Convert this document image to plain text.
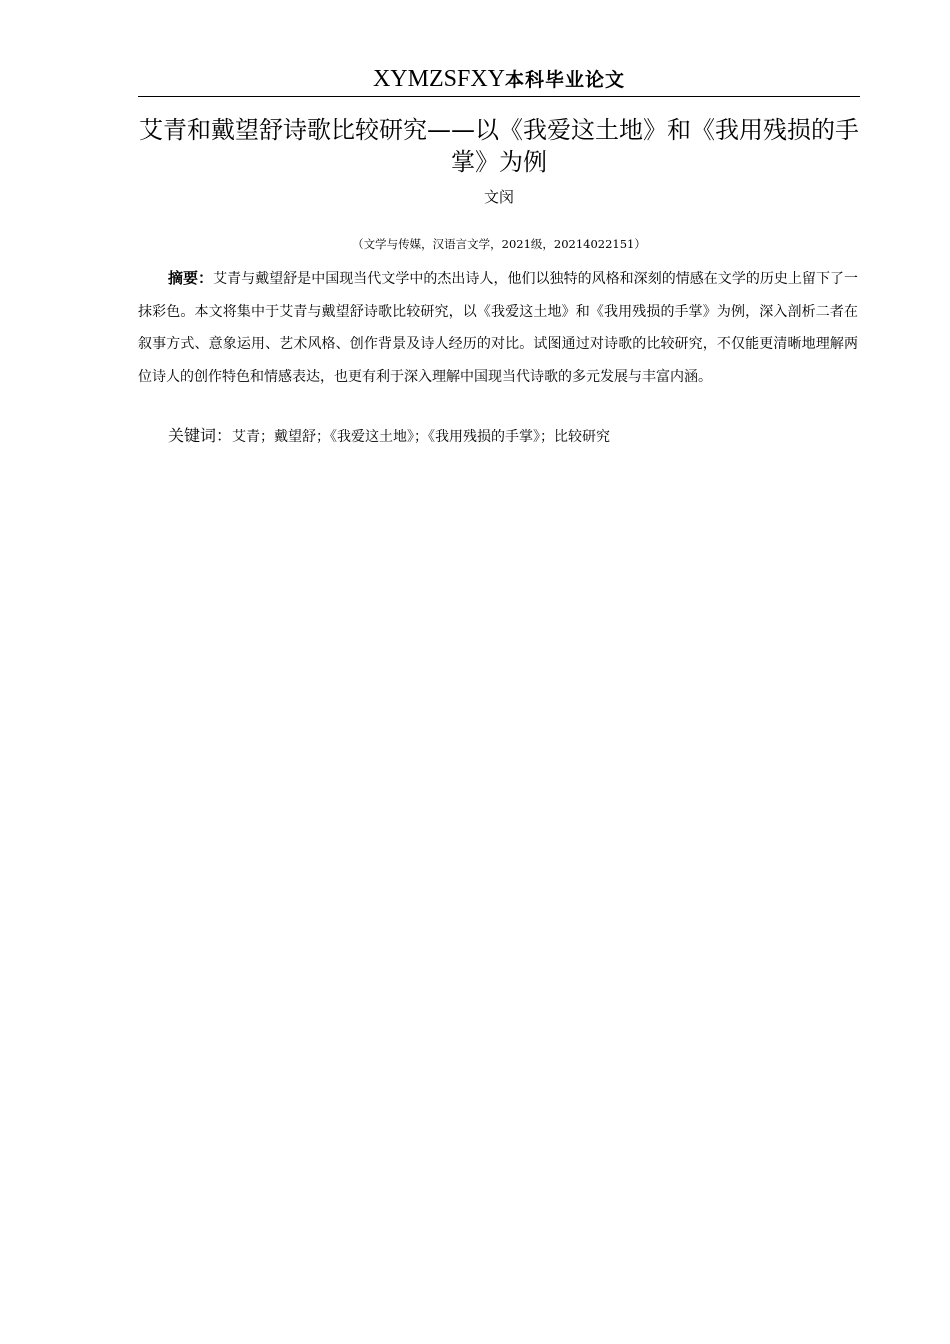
XYMZSFXY本科毕业论文
艾青和戴望舒诗歌比较研究——以《我爱这土地》和《我用残损的手掌》为例
文闵
（文学与传媒，汉语言文学，2021级，20214022151）

摘要：艾青与戴望舒是中国现当代文学中的杰出诗人，他们以独特的风格和深刻的情感在文学的历史上留下了一抹彩色。本文将集中于艾青与戴望舒诗歌比较研究，以《我爱这土地》和《我用残损的手掌》为例，深入剖析二者在叙事方式、意象运用、艺术风格、创作背景及诗人经历的对比。试图通过对诗歌的比较研究，不仅能更清晰地理解两位诗人的创作特色和情感表达，也更有利于深入理解中国现当代诗歌的多元发展与丰富内涵。

关键词：艾青；戴望舒；《我爱这土地》；《我用残损的手掌》；比较研究
